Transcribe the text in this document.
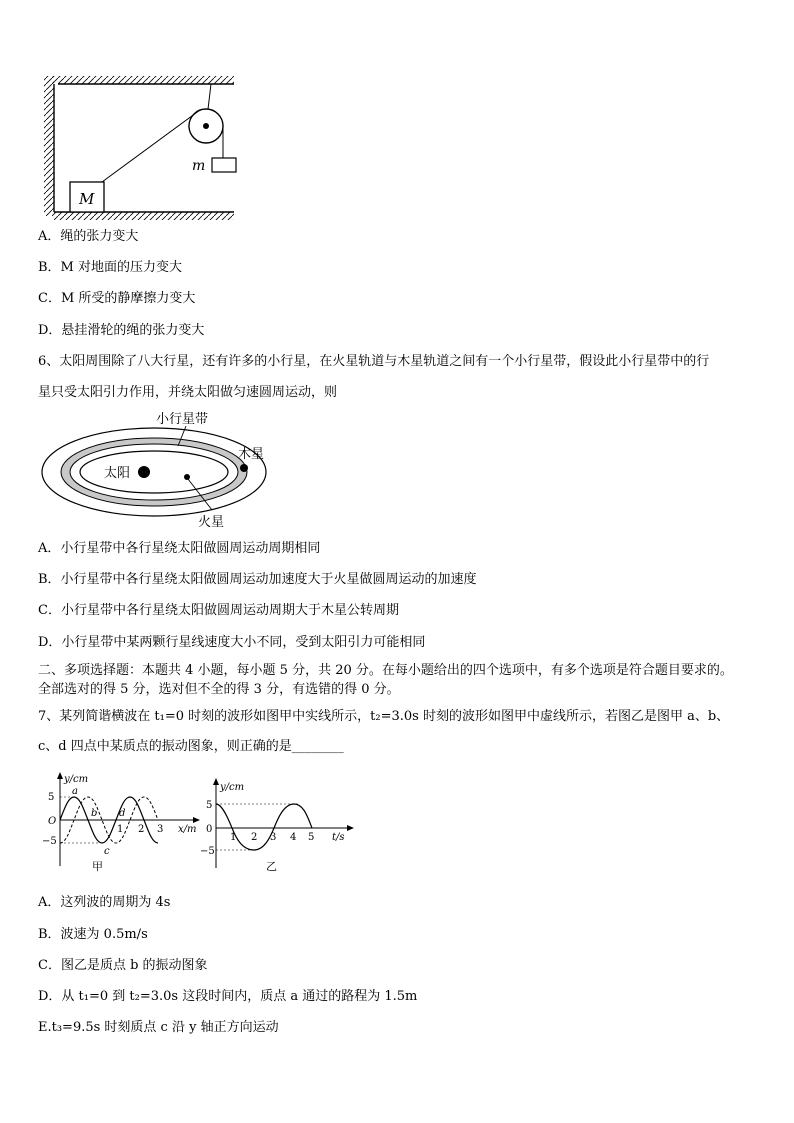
m
M
A．绳的张力变大
B．M 对地面的压力变大
C．M 所受的静摩擦力变大
D．悬挂滑轮的绳的张力变大
6、太阳周围除了八大行星，还有许多的小行星，在火星轨道与木星轨道之间有一个小行星带，假设此小行星带中的行
星只受太阳引力作用，并绕太阳做匀速圆周运动，则
太阳
火星
木星
小行星带
A．小行星带中各行星绕太阳做圆周运动周期相同
B．小行星带中各行星绕太阳做圆周运动加速度大于火星做圆周运动的加速度
C．小行星带中各行星绕太阳做圆周运动周期大于木星公转周期
D．小行星带中某两颗行星线速度大小不同，受到太阳引力可能相同
二、多项选择题：本题共 4 小题，每小题 5 分，共 20 分。在每小题给出的四个选项中，有多个选项是符合题目要求的。
全部选对的得 5 分，选对但不全的得 3 分，有选错的得 0 分。
7、某列简谐横波在 t₁=0 时刻的波形如图甲中实线所示，t₂=3.0s 时刻的波形如图甲中虚线所示，若图乙是图甲 a、b、
c、d 四点中某质点的振动图象，则正确的是________
y/cm
x/m
O
5
−5
1 2 3
a
b
c
d
甲
y/cm
t/s
5
0
−5
1 2 3 4 5
乙
A．这列波的周期为 4s
B．波速为 0.5m/s
C．图乙是质点 b 的振动图象
D．从 t₁=0 到 t₂=3.0s 这段时间内，质点 a 通过的路程为 1.5m
E.t₃=9.5s 时刻质点 c 沿 y 轴正方向运动
